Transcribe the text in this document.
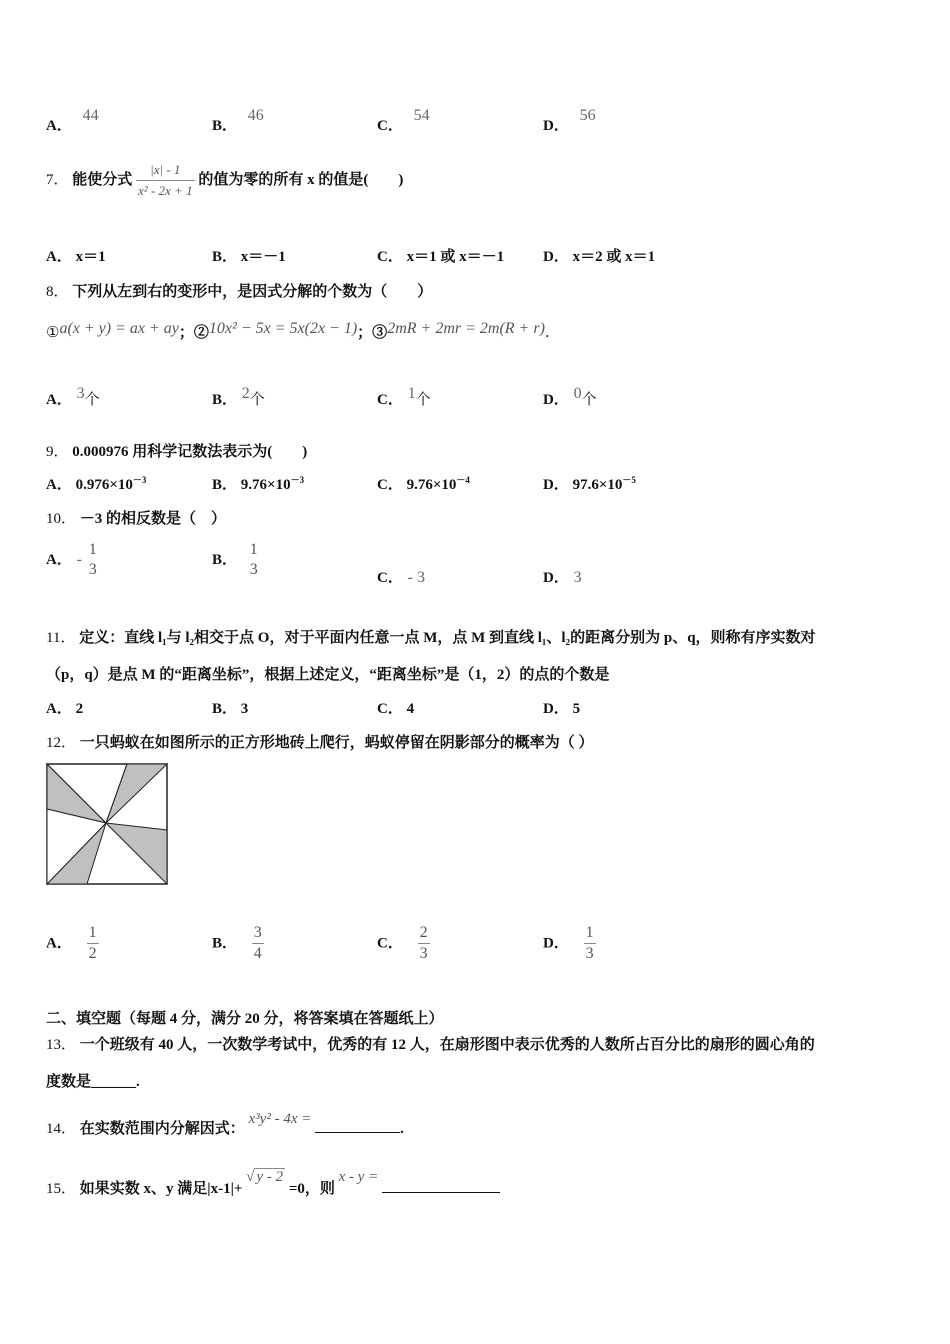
A． 44
B． 46
C． 54
D． 56
7． 能使分式 $\frac{|x| - 1}{\text{x² - 2x + 1}}$ 的值为零的所有 x 的值是(　　)
A． x＝1	B． x＝－1	C． x＝1 或 x＝－1	D． x＝2 或 x＝1
8． 下列从左到右的变形中，是因式分解的个数为（　　）
①a(x + y) = ax + ay；②10x² − 5x = 5x(2x − 1)；③2mR + 2mr = 2m(R + r).
A． 3个	B． 2个	C． 1个	D． 0个
9． 0.000976 用科学记数法表示为(　　)
A． $0.976\times 10^{-3}$	B． $9.76\times 10^{-3}$	C． $9.76\times 10^{-4}$	D． $97.6\times 10^{-5}$
10． －3 的相反数是（　）
A． -
1
3
B．
1
3	C． - 3	D． 3
11． 定义：直线 l₁与 l₂相交于点 O，对于平面内任意一点 M，点 M 到直线 l₁、l₂的距离分别为 p、q，则称有序实数对
（p，q）是点 M 的“距离坐标”，根据上述定义，“距离坐标”是（1，2）的点的个数是
A． 2	B． 3	C． 4	D． 5
12． 一只蚂蚁在如图所示的正方形地砖上爬行，蚂蚁停留在阴影部分的概率为（ ）
A． $\frac{1}{2}$	B． $\frac{3}{4}$	C． $\frac{2}{3}$	D． $\frac{1}{3}$
二、填空题（每题 4 分，满分 20 分，将答案填在答题纸上）
13． 一个班级有 40 人，一次数学考试中，优秀的有 12 人，在扇形图中表示优秀的人数所占百分比的扇形的圆心角的
度数是______.
14． 在实数范围内分解因式： x³y² - 4x = .
15． 如果实数 x、y 满足|x-1|+ √ y - 2 =0，则 x - y =
